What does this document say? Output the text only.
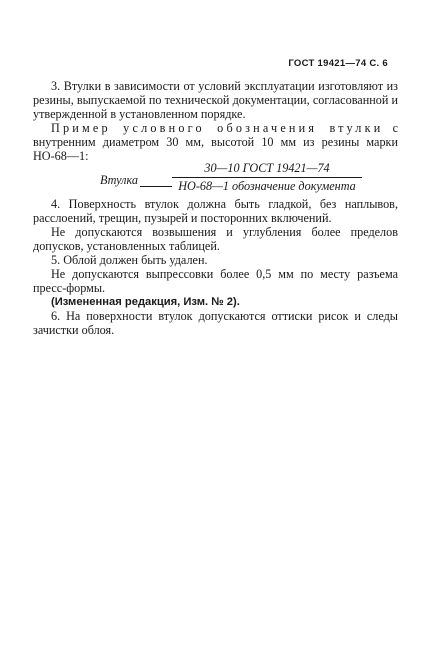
ГОСТ 19421—74 С. 6

3. Втулки в зависимости от условий эксплуатации изготовляют из резины, выпускаемой по технической документации, согласованной и утвержденной в установленном порядке.

Пример условного обозначения втулки с внутренним диаметром 30 мм, высотой 10 мм из резины марки НО-68—1:

Втулка
30—10 ГОСТ 19421—74
НО-68—1 обозначение документа

4. Поверхность втулок должна быть гладкой, без наплывов, расслоений, трещин, пузырей и посторонних включений.

Не допускаются возвышения и углубления более пределов допусков, установленных таблицей.

5. Облой должен быть удален.

Не допускаются выпрессовки более 0,5 мм по месту разъема пресс-формы.

(Измененная редакция, Изм. № 2).

6. На поверхности втулок допускаются оттиски рисок и следы зачистки облоя.
